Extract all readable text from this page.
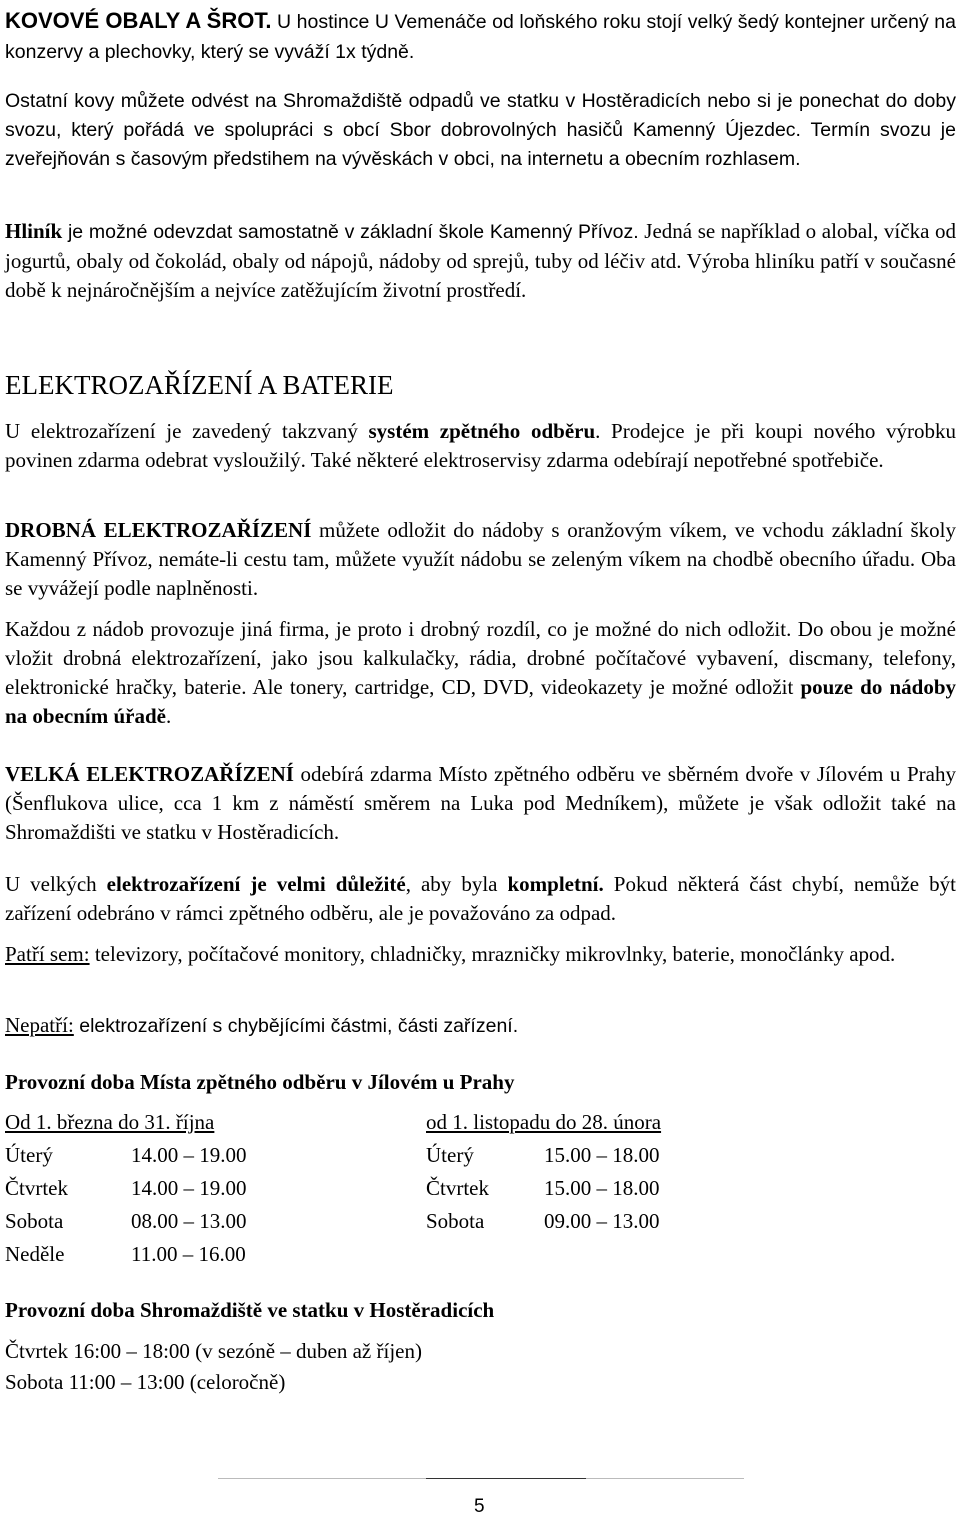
KOVOVÉ OBALY A ŠROT. U hostince U Vemenáče od loňského roku stojí velký šedý kontejner určený na konzervy a plechovky, který se vyváží 1x týdně.

Ostatní kovy můžete odvést na Shromaždiště odpadů ve statku v Hostěradicích nebo si je ponechat do doby svozu, který pořádá ve spolupráci s obcí Sbor dobrovolných hasičů Kamenný Újezdec. Termín svozu je zveřejňován s časovým předstihem na vývěskách v obci, na internetu a obecním rozhlasem.

Hliník je možné odevzdat samostatně v základní škole Kamenný Přívoz. Jedná se například o alobal, víčka od jogurtů, obaly od čokolád, obaly od nápojů, nádoby od sprejů, tuby od léčiv atd. Výroba hliníku patří v současné době k nejnáročnějším a nejvíce zatěžujícím životní prostředí.

ELEKTROZAŘÍZENÍ A BATERIE

U elektrozařízení je zavedený takzvaný systém zpětného odběru. Prodejce je při koupi nového výrobku povinen zdarma odebrat vysloužilý. Také některé elektroservisy zdarma odebírají nepotřebné spotřebiče.

DROBNÁ ELEKTROZAŘÍZENÍ můžete odložit do nádoby s oranžovým víkem, ve vchodu základní školy Kamenný Přívoz, nemáte-li cestu tam, můžete využít nádobu se zeleným víkem na chodbě obecního úřadu. Oba se vyvážejí podle naplněnosti.

Každou z nádob provozuje jiná firma, je proto i drobný rozdíl, co je možné do nich odložit. Do obou je možné vložit drobná elektrozařízení, jako jsou kalkulačky, rádia, drobné počítačové vybavení, discmany, telefony, elektronické hračky, baterie. Ale tonery, cartridge, CD, DVD, videokazety je možné odložit pouze do nádoby na obecním úřadě.

VELKÁ ELEKTROZAŘÍZENÍ odebírá zdarma Místo zpětného odběru ve sběrném dvoře v Jílovém u Prahy (Šenflukova ulice, cca 1 km z náměstí směrem na Luka pod Medníkem), můžete je však odložit také na Shromaždišti ve statku v Hostěradicích.

U velkých elektrozařízení je velmi důležité, aby byla kompletní. Pokud některá část chybí, nemůže být zařízení odebráno v rámci zpětného odběru, ale je považováno za odpad.

Patří sem: televizory, počítačové monitory, chladničky, mrazničky mikrovlnky, baterie, monočlánky apod.

Nepatří: elektrozařízení s chybějícími částmi, části zařízení.

Provozní doba Místa zpětného odběru v Jílovém u Prahy
Od 1. března do 31. října
Úterý	14.00 – 19.00
Čtvrtek	14.00 – 19.00
Sobota	08.00 – 13.00
Neděle	11.00 – 16.00
od 1. listopadu do 28. února
Úterý	15.00 – 18.00
Čtvrtek	15.00 – 18.00
Sobota	09.00 – 13.00
Provozní doba Shromaždiště ve statku v Hostěradicích
Čtvrtek 16:00 – 18:00 (v sezóně – duben až říjen)
Sobota 11:00 – 13:00 (celoročně)
5
